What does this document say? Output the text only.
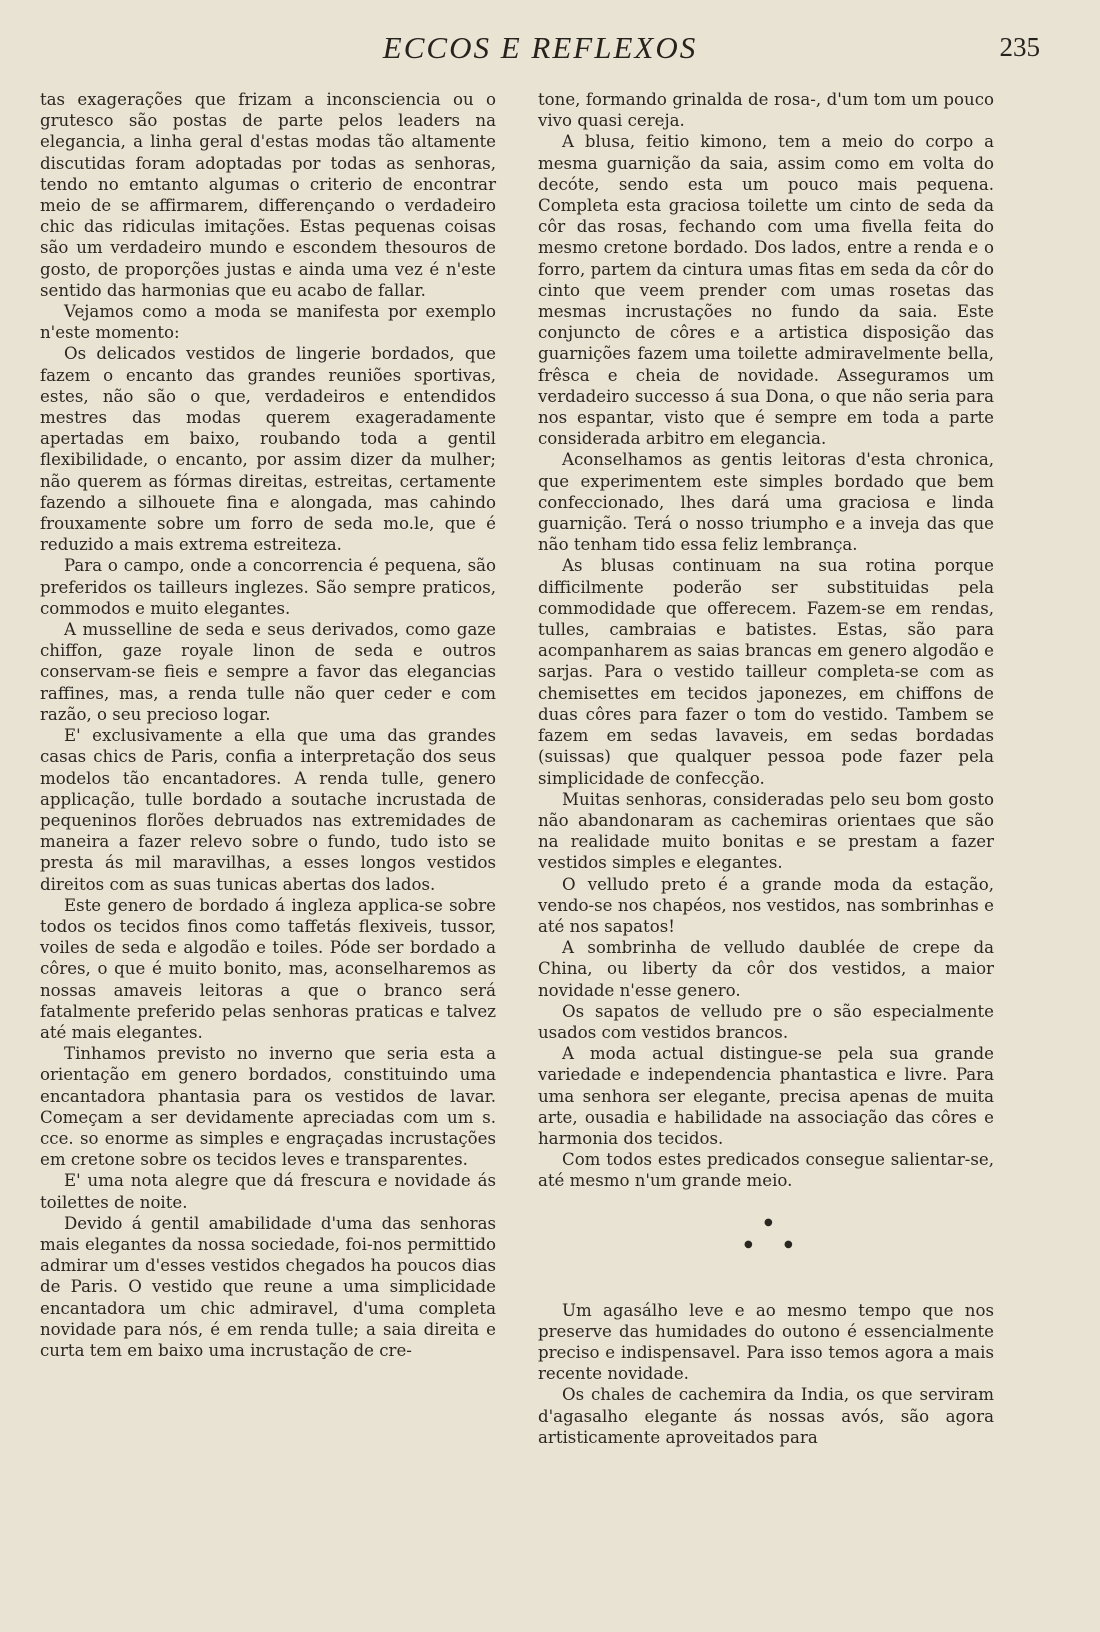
ECCOS E REFLEXOS	235

tas exagerações que frizam a inconsciencia ou o grutesco são postas de parte pelos leaders na elegancia, a linha geral d'estas modas tão altamente discutidas foram adoptadas por todas as senhoras, tendo no emtanto algumas o criterio de encontrar meio de se affirmarem, differençando o verdadeiro chic das ridiculas imitações. Estas pequenas coisas são um verdadeiro mundo e escondem thesouros de gosto, de proporções justas e ainda uma vez é n'este sentido das harmonias que eu acabo de fallar.

Vejamos como a moda se manifesta por exemplo n'este momento:

Os delicados vestidos de lingerie bordados, que fazem o encanto das grandes reuniões sportivas, estes, não são o que, verdadeiros e entendidos mestres das modas querem exageradamente apertadas em baixo, roubando toda a gentil flexibilidade, o encanto, por assim dizer da mulher; não querem as fórmas direitas, estreitas, certamente fazendo a silhouete fina e alongada, mas cahindo frouxamente sobre um forro de seda mo.le, que é reduzido a mais extrema estreiteza.

Para o campo, onde a concorrencia é pequena, são preferidos os tailleurs inglezes. São sempre praticos, commodos e muito elegantes.

A musselline de seda e seus derivados, como gaze chiffon, gaze royale linon de seda e outros conservam-se fieis e sempre a favor das elegancias raffines, mas, a renda tulle não quer ceder e com razão, o seu precioso logar.

E' exclusivamente a ella que uma das grandes casas chics de Paris, confia a interpretação dos seus modelos tão encantadores. A renda tulle, genero applicação, tulle bordado a soutache incrustada de pequeninos florões debruados nas extremidades de maneira a fazer relevo sobre o fundo, tudo isto se presta ás mil maravilhas, a esses longos vestidos direitos com as suas tunicas abertas dos lados.

Este genero de bordado á ingleza applica-se sobre todos os tecidos finos como taffetás flexiveis, tussor, voiles de seda e algodão e toiles. Póde ser bordado a côres, o que é muito bonito, mas, aconselharemos as nossas amaveis leitoras a que o branco será fatalmente preferido pelas senhoras praticas e talvez até mais elegantes.

Tinhamos previsto no inverno que seria esta a orientação em genero bordados, constituindo uma encantadora phantasia para os vestidos de lavar. Começam a ser devidamente apreciadas com um s. cce. so enorme as simples e engraçadas incrustações em cretone sobre os tecidos leves e transparentes.

E' uma nota alegre que dá frescura e novidade ás toilettes de noite.

Devido á gentil amabilidade d'uma das senhoras mais elegantes da nossa sociedade, foi-nos permittido admirar um d'esses vestidos chegados ha poucos dias de Paris. O vestido que reune a uma simplicidade encantadora um chic admiravel, d'uma completa novidade para nós, é em renda tulle; a saia direita e curta tem em baixo uma incrustação de cre-

tone, formando grinalda de rosa-, d'um tom um pouco vivo quasi cereja.

A blusa, feitio kimono, tem a meio do corpo a mesma guarnição da saia, assim como em volta do decóte, sendo esta um pouco mais pequena. Completa esta graciosa toilette um cinto de seda da côr das rosas, fechando com uma fivella feita do mesmo cretone bordado. Dos lados, entre a renda e o forro, partem da cintura umas fitas em seda da côr do cinto que veem prender com umas rosetas das mesmas incrustações no fundo da saia. Este conjuncto de côres e a artistica disposição das guarnições fazem uma toilette admiravelmente bella, frêsca e cheia de novidade. Asseguramos um verdadeiro successo á sua Dona, o que não seria para nos espantar, visto que é sempre em toda a parte considerada arbitro em elegancia.

Aconselhamos as gentis leitoras d'esta chronica, que experimentem este simples bordado que bem confeccionado, lhes dará uma graciosa e linda guarnição. Terá o nosso triumpho e a inveja das que não tenham tido essa feliz lembrança.

As blusas continuam na sua rotina porque difficilmente poderão ser substituidas pela commodidade que offerecem. Fazem-se em rendas, tulles, cambraias e batistes. Estas, são para acompanharem as saias brancas em genero algodão e sarjas. Para o vestido tailleur completa-se com as chemisettes em tecidos japonezes, em chiffons de duas côres para fazer o tom do vestido. Tambem se fazem em sedas lavaveis, em sedas bordadas (suissas) que qualquer pessoa pode fazer pela simplicidade de confecção.

Muitas senhoras, consideradas pelo seu bom gosto não abandonaram as cachemiras orientaes que são na realidade muito bonitas e se prestam a fazer vestidos simples e elegantes.

O velludo preto é a grande moda da estação, vendo-se nos chapéos, nos vestidos, nas sombrinhas e até nos sapatos!

A sombrinha de velludo daublée de crepe da China, ou liberty da côr dos vestidos, a maior novidade n'esse genero.

Os sapatos de velludo pre o são especialmente usados com vestidos brancos.

A moda actual distingue-se pela sua grande variedade e independencia phantastica e livre. Para uma senhora ser elegante, precisa apenas de muita arte, ousadia e habilidade na associação das côres e harmonia dos tecidos.

Com todos estes predicados consegue salientar-se, até mesmo n'um grande meio.

●
●	●

Um agasálho leve e ao mesmo tempo que nos preserve das humidades do outono é essencialmente preciso e indispensavel. Para isso temos agora a mais recente novidade.

Os chales de cachemira da India, os que serviram d'agasalho elegante ás nossas avós, são agora artisticamente aproveitados para
